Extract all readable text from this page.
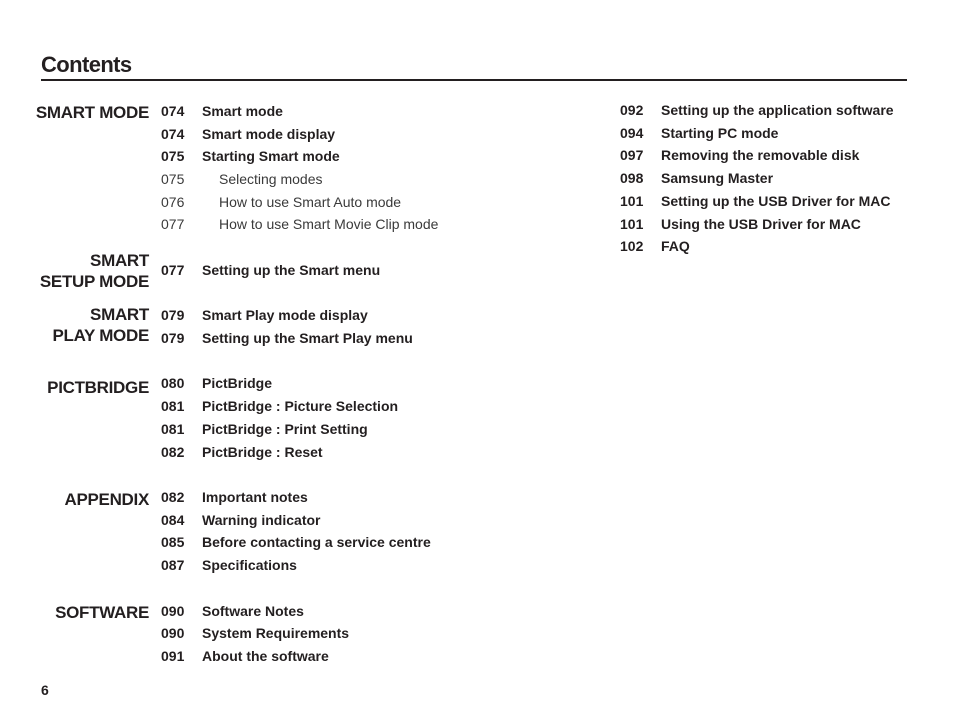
Contents
SMART MODE
SMART
SETUP MODE
SMART
PLAY MODE
PICTBRIDGE
APPENDIX
SOFTWARE
074 Smart mode
074 Smart mode display
075 Starting Smart mode
075 Selecting modes
076 How to use Smart Auto mode
077 How to use Smart Movie Clip mode
077 Setting up the Smart menu
079 Smart Play mode display
079 Setting up the Smart Play menu
080 PictBridge
081 PictBridge : Picture Selection
081 PictBridge : Print Setting
082 PictBridge : Reset
082 Important notes
084 Warning indicator
085 Before contacting a service centre
087 Specifications
090 Software Notes
090 System Requirements
091 About the software
092 Setting up the application software
094 Starting PC mode
097 Removing the removable disk
098 Samsung Master
101 Setting up the USB Driver for MAC
101 Using the USB Driver for MAC
102 FAQ
6
